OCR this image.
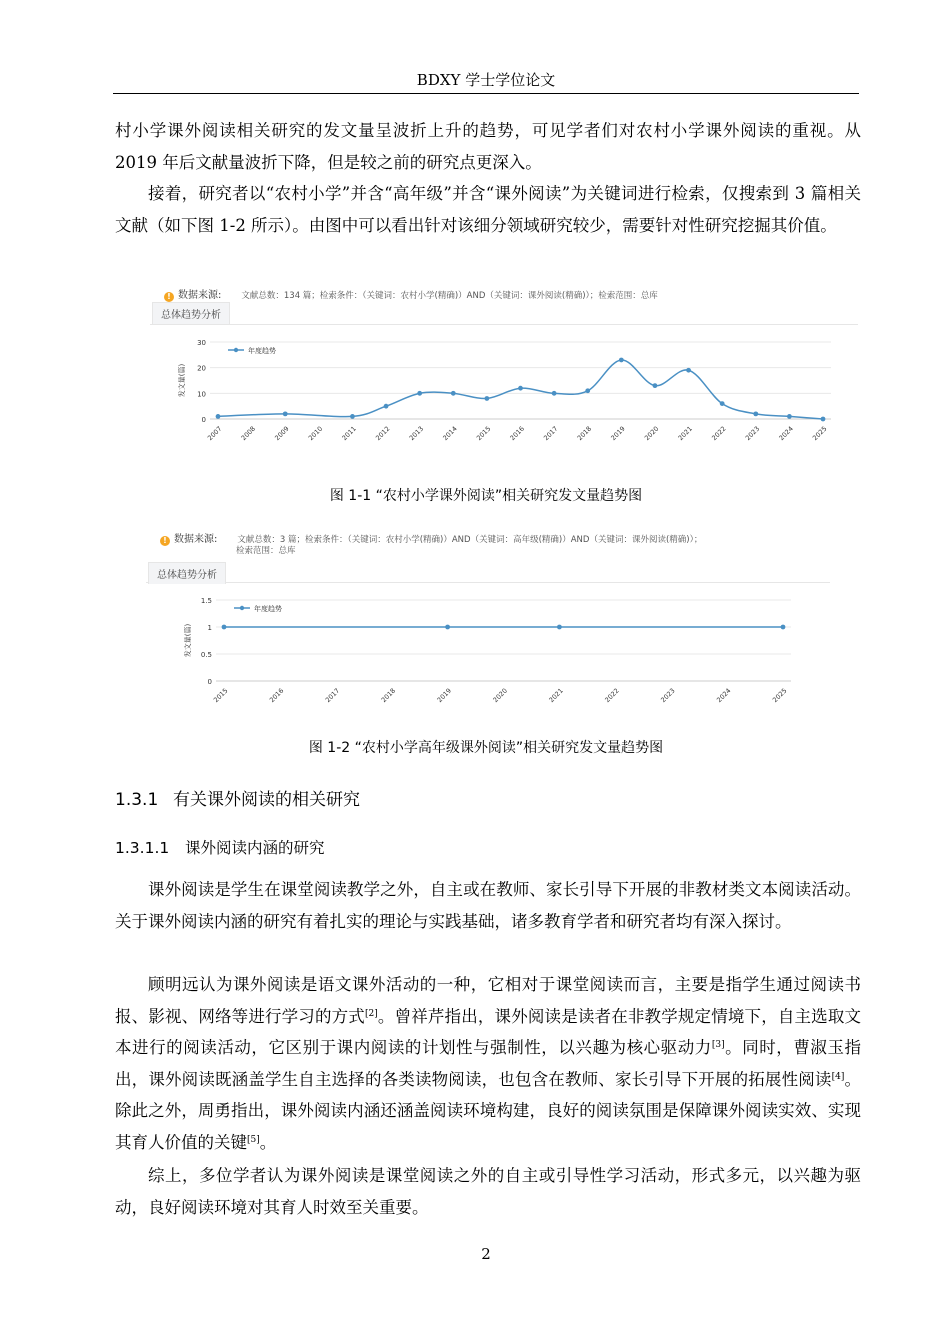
BDXY 学士学位论文

村小学课外阅读相关研究的发文量呈波折上升的趋势，可见学者们对农村小学课外阅读的重视。从 2019 年后文献量波折下降，但是较之前的研究点更深入。

接着，研究者以“农村小学”并含“高年级”并含“课外阅读”为关键词进行检索，仅搜索到 3 篇相关文献（如下图 1-2 所示）。由图中可以看出针对该细分领域研究较少，需要针对性研究挖掘其价值。

! 数据来源: 文献总数：134 篇；检索条件：（关键词：农村小学(精确)）AND（关键词：课外阅读(精确)）；检索范围：总库
总体趋势分析
0
10
20
30
发文量(篇)
2007	2008	2009	2010	2011	2012	2013	2014	2015	2016	2017	2018	2019	2020	2021	2022	2023	2024	2025
年度趋势
图 1-1 “农村小学课外阅读”相关研究发文量趋势图
! 数据来源: 文献总数：3 篇；检索条件：（关键词：农村小学(精确)）AND（关键词：高年级(精确)）AND（关键词：课外阅读(精确)）；
检索范围：总库
总体趋势分析
0
0.5
1
1.5
发文量(篇)
2015	2016	2017	2018	2019	2020	2021	2022	2023	2024	2025
年度趋势
图 1-2 “农村小学高年级课外阅读”相关研究发文量趋势图
1.3.1 有关课外阅读的相关研究
1.3.1.1 课外阅读内涵的研究

课外阅读是学生在课堂阅读教学之外，自主或在教师、家长引导下开展的非教材类文本阅读活动。关于课外阅读内涵的研究有着扎实的理论与实践基础，诸多教育学者和研究者均有深入探讨。

顾明远认为课外阅读是语文课外活动的一种，它相对于课堂阅读而言，主要是指学生通过阅读书报、影视、网络等进行学习的方式[2]。曾祥芹指出，课外阅读是读者在非教学规定情境下，自主选取文本进行的阅读活动，它区别于课内阅读的计划性与强制性，以兴趣为核心驱动力[3]。同时，曹淑玉指出，课外阅读既涵盖学生自主选择的各类读物阅读，也包含在教师、家长引导下开展的拓展性阅读[4]。除此之外，周勇指出，课外阅读内涵还涵盖阅读环境构建，良好的阅读氛围是保障课外阅读实效、实现其育人价值的关键[5]。

综上，多位学者认为课外阅读是课堂阅读之外的自主或引导性学习活动，形式多元，以兴趣为驱动，良好阅读环境对其育人时效至关重要。

2
